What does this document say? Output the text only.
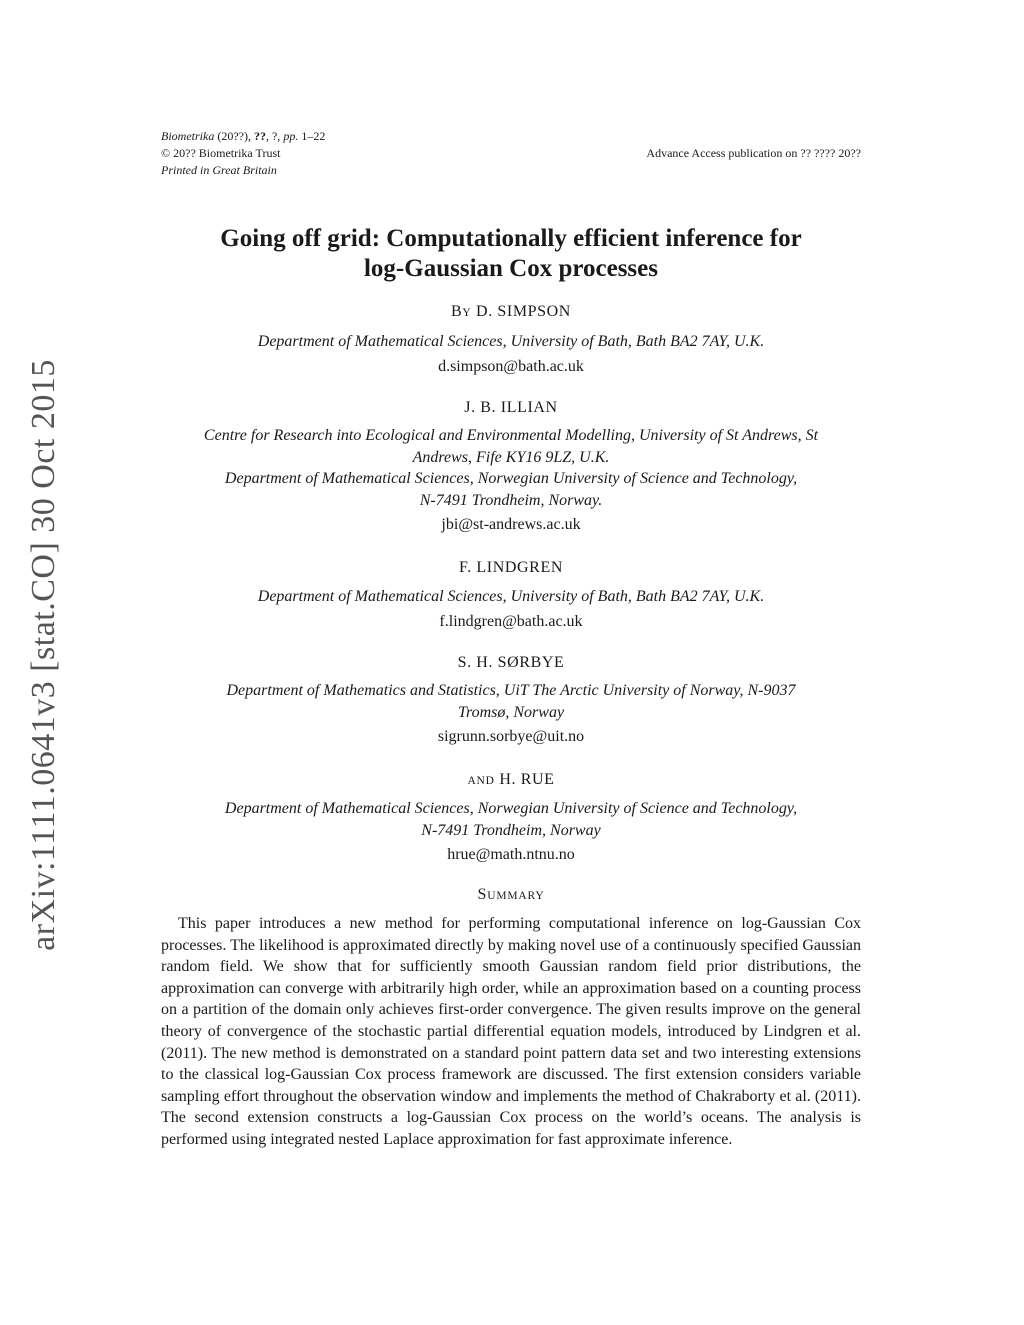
arXiv:1111.0641v3 [stat.CO] 30 Oct 2015
Biometrika (20??), ??, ?, pp. 1–22
© 20?? Biometrika Trust	Advance Access publication on ?? ???? 20??
Printed in Great Britain
Going off grid: Computationally efficient inference for
log-Gaussian Cox processes
BY D. SIMPSON
Department of Mathematical Sciences, University of Bath, Bath BA2 7AY, U.K.
d.simpson@bath.ac.uk
J. B. ILLIAN
Centre for Research into Ecological and Environmental Modelling, University of St Andrews, St
Andrews, Fife KY16 9LZ, U.K.
Department of Mathematical Sciences, Norwegian University of Science and Technology,
N-7491 Trondheim, Norway.
jbi@st-andrews.ac.uk
F. LINDGREN
Department of Mathematical Sciences, University of Bath, Bath BA2 7AY, U.K.
f.lindgren@bath.ac.uk
S. H. SØRBYE
Department of Mathematics and Statistics, UiT The Arctic University of Norway, N-9037
Tromsø, Norway
sigrunn.sorbye@uit.no
AND H. RUE
Department of Mathematical Sciences, Norwegian University of Science and Technology,
N-7491 Trondheim, Norway
hrue@math.ntnu.no
SUMMARY
This paper introduces a new method for performing computational inference on log-Gaussian Cox processes. The likelihood is approximated directly by making novel use of a continuously specified Gaussian random field. We show that for sufficiently smooth Gaussian random field prior distributions, the approximation can converge with arbitrarily high order, while an approximation based on a counting process on a partition of the domain only achieves first-order convergence. The given results improve on the general theory of convergence of the stochastic partial differential equation models, introduced by Lindgren et al. (2011). The new method is demonstrated on a standard point pattern data set and two interesting extensions to the classical log-Gaussian Cox process framework are discussed. The first extension considers variable sampling effort throughout the observation window and implements the method of Chakraborty et al. (2011). The second extension constructs a log-Gaussian Cox process on the world’s oceans. The analysis is performed using integrated nested Laplace approximation for fast approximate inference.
